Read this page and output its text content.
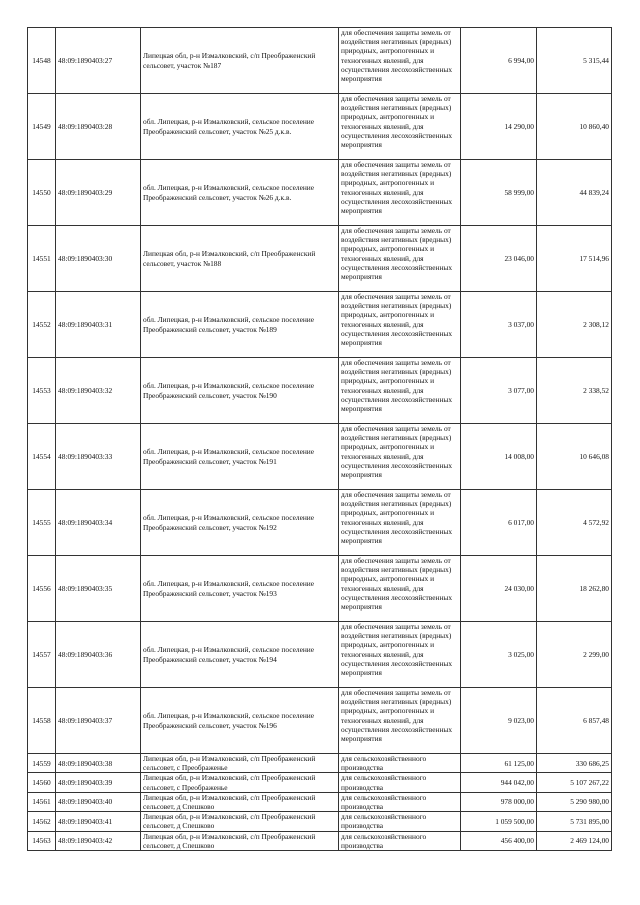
14548	48:09:1890403:27	Липецкая обл, р-н Измалковский, с/п Преображенский сельсовет, участок №187	для обеспечения защиты земель от воздействия негативных (вредных) природных, антропогенных и техногенных явлений, для осуществления лесохозяйственных мероприятия	6 994,00	5 315,44
14549	48:09:1890403:28	обл. Липецкая, р-н Измалковский, сельское поселение Преображенский сельсовет, участок №25 д.к.в.	для обеспечения защиты земель от воздействия негативных (вредных) природных, антропогенных и техногенных явлений, для осуществления лесохозяйственных мероприятия	14 290,00	10 860,40
14550	48:09:1890403:29	обл. Липецкая, р-н Измалковский, сельское поселение Преображенский сельсовет, участок №26 д.к.в.	для обеспечения защиты земель от воздействия негативных (вредных) природных, антропогенных и техногенных явлений, для осуществления лесохозяйственных мероприятия	58 999,00	44 839,24
14551	48:09:1890403:30	Липецкая обл, р-н Измалковский, с/п Преображенский сельсовет, участок №188	для обеспечения защиты земель от воздействия негативных (вредных) природных, антропогенных и техногенных явлений, для осуществления лесохозяйственных мероприятия	23 046,00	17 514,96
14552	48:09:1890403:31	обл. Липецкая, р-н Измалковский, сельское поселение Преображенский сельсовет, участок №189	для обеспечения защиты земель от воздействия негативных (вредных) природных, антропогенных и техногенных явлений, для осуществления лесохозяйственных мероприятия	3 037,00	2 308,12
14553	48:09:1890403:32	обл. Липецкая, р-н Измалковский, сельское поселение Преображенский сельсовет, участок №190	для обеспечения защиты земель от воздействия негативных (вредных) природных, антропогенных и техногенных явлений, для осуществления лесохозяйственных мероприятия	3 077,00	2 338,52
14554	48:09:1890403:33	обл. Липецкая, р-н Измалковский, сельское поселение Преображенский сельсовет, участок №191	для обеспечения защиты земель от воздействия негативных (вредных) природных, антропогенных и техногенных явлений, для осуществления лесохозяйственных мероприятия	14 008,00	10 646,08
14555	48:09:1890403:34	обл. Липецкая, р-н Измалковский, сельское поселение Преображенский сельсовет, участок №192	для обеспечения защиты земель от воздействия негативных (вредных) природных, антропогенных и техногенных явлений, для осуществления лесохозяйственных мероприятия	6 017,00	4 572,92
14556	48:09:1890403:35	обл. Липецкая, р-н Измалковский, сельское поселение Преображенский сельсовет, участок №193	для обеспечения защиты земель от воздействия негативных (вредных) природных, антропогенных и техногенных явлений, для осуществления лесохозяйственных мероприятия	24 030,00	18 262,80
14557	48:09:1890403:36	обл. Липецкая, р-н Измалковский, сельское поселение Преображенский сельсовет, участок №194	для обеспечения защиты земель от воздействия негативных (вредных) природных, антропогенных и техногенных явлений, для осуществления лесохозяйственных мероприятия	3 025,00	2 299,00
14558	48:09:1890403:37	обл. Липецкая, р-н Измалковский, сельское поселение Преображенский сельсовет, участок №196	для обеспечения защиты земель от воздействия негативных (вредных) природных, антропогенных и техногенных явлений, для осуществления лесохозяйственных мероприятия	9 023,00	6 857,48
14559	48:09:1890403:38	Липецкая обл, р-н Измалковский, с/п Преображенский сельсовет, с Преображенье	для сельскохозяйственного производства	61 125,00	330 686,25
14560	48:09:1890403:39	Липецкая обл, р-н Измалковский, с/п Преображенский сельсовет, с Преображенье	для сельскохозяйственного производства	944 042,00	5 107 267,22
14561	48:09:1890403:40	Липецкая обл, р-н Измалковский, с/п Преображенский сельсовет, д Спешково	для сельскохозяйственного производства	978 000,00	5 290 980,00
14562	48:09:1890403:41	Липецкая обл, р-н Измалковский, с/п Преображенский сельсовет, д Спешково	для сельскохозяйственного производства	1 059 500,00	5 731 895,00
14563	48:09:1890403:42	Липецкая обл, р-н Измалковский, с/п Преображенский сельсовет, д Спешково	для сельскохозяйственного производства	456 400,00	2 469 124,00
